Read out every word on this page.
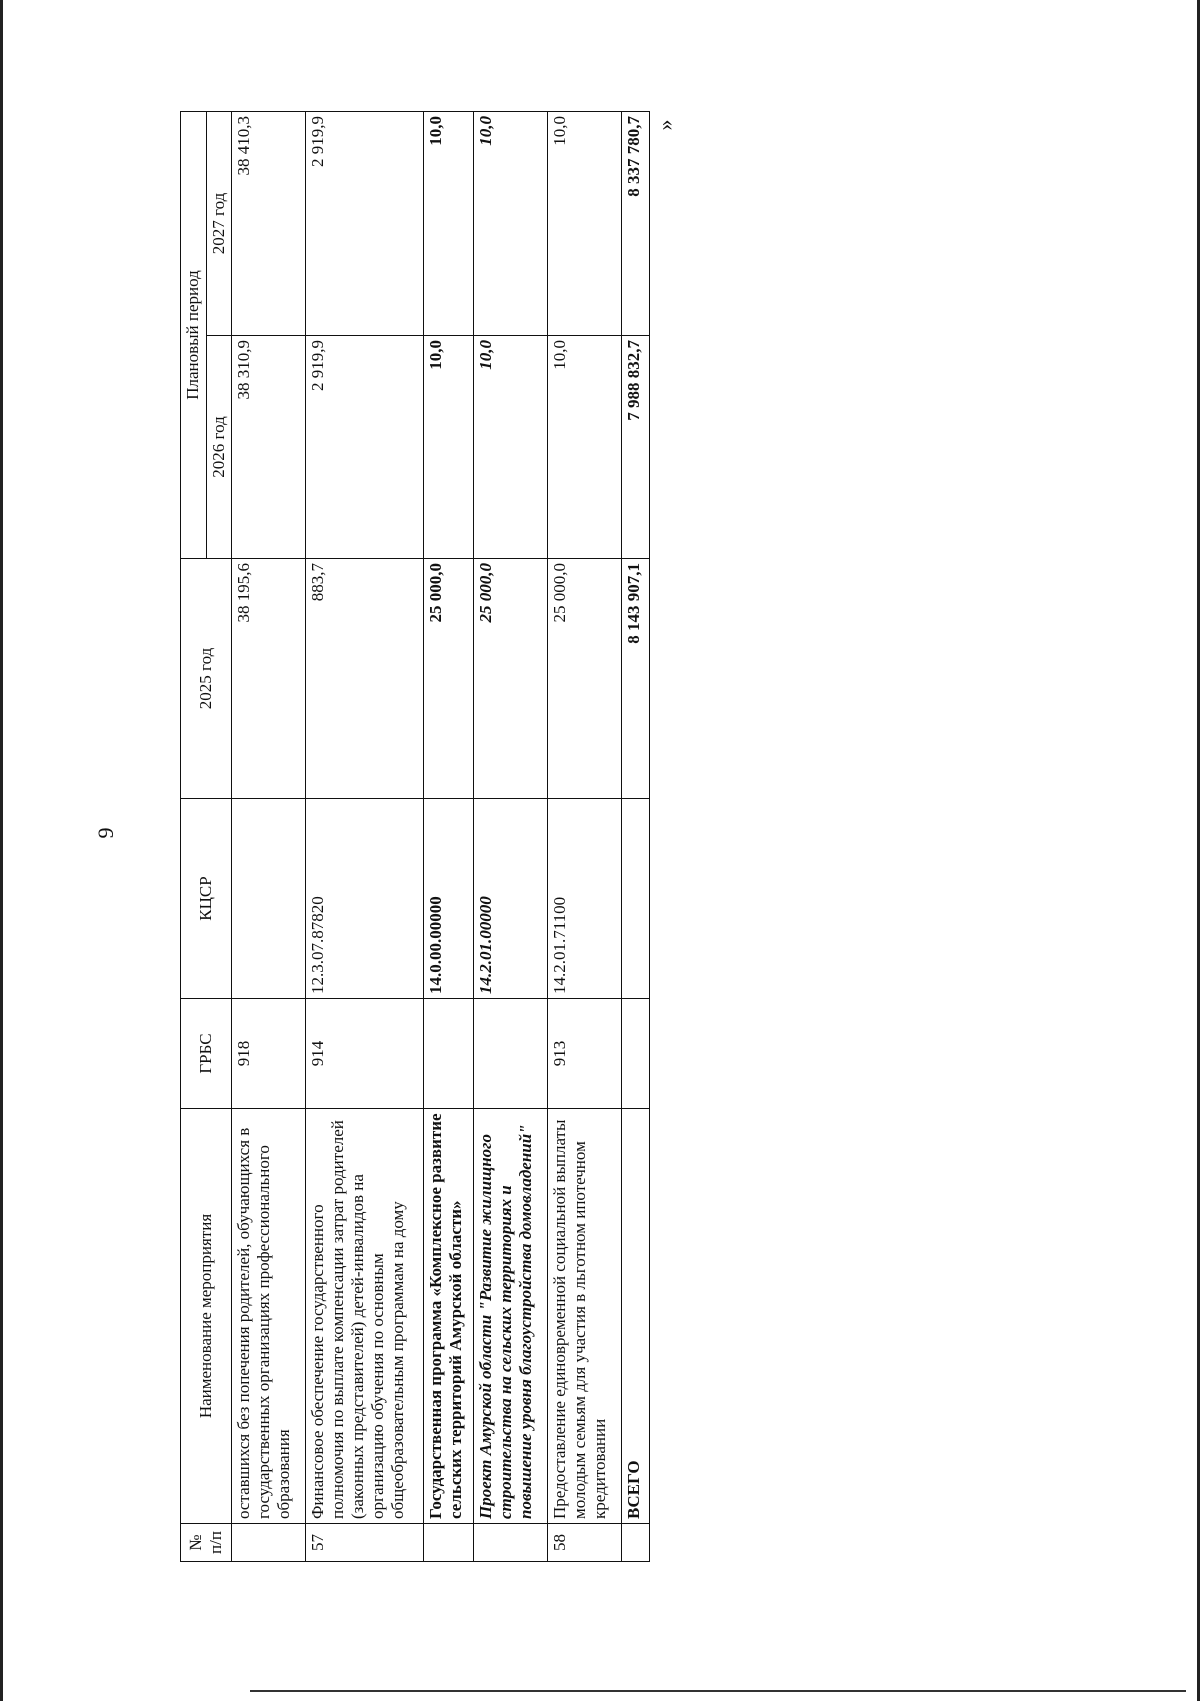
9
»
№ п/п	Наименование мероприятия	ГРБС	КЦСР	2025 год	Плановый период	
					2026 год	2027 год
	оставшихся без попечения родителей, обучающихся в государственных организациях профессионального образования	918		38 195,6	38 310,9	38 410,3
57	Финансовое обеспечение государственного полномочия по выплате компенсации затрат родителей (законных представителей) детей-инвалидов на организацию обучения по основным общеобразовательным программам на дому	914	12.3.07.87820	883,7	2 919,9	2 919,9
	Государственная программа «Комплексное развитие сельских территорий Амурской области»		14.0.00.00000	25 000,0	10,0	10,0
	Проект Амурской области "Развитие жилищного строительства на сельских территориях и повышение уровня благоустройства домовладений"		14.2.01.00000	25 000,0	10,0	10,0
58	Предоставление единовременной социальной выплаты молодым семьям для участия в льготном ипотечном кредитовании	913	14.2.01.71100	25 000,0	10,0	10,0
	ВСЕГО			8 143 907,1	7 988 832,7	8 337 780,7
